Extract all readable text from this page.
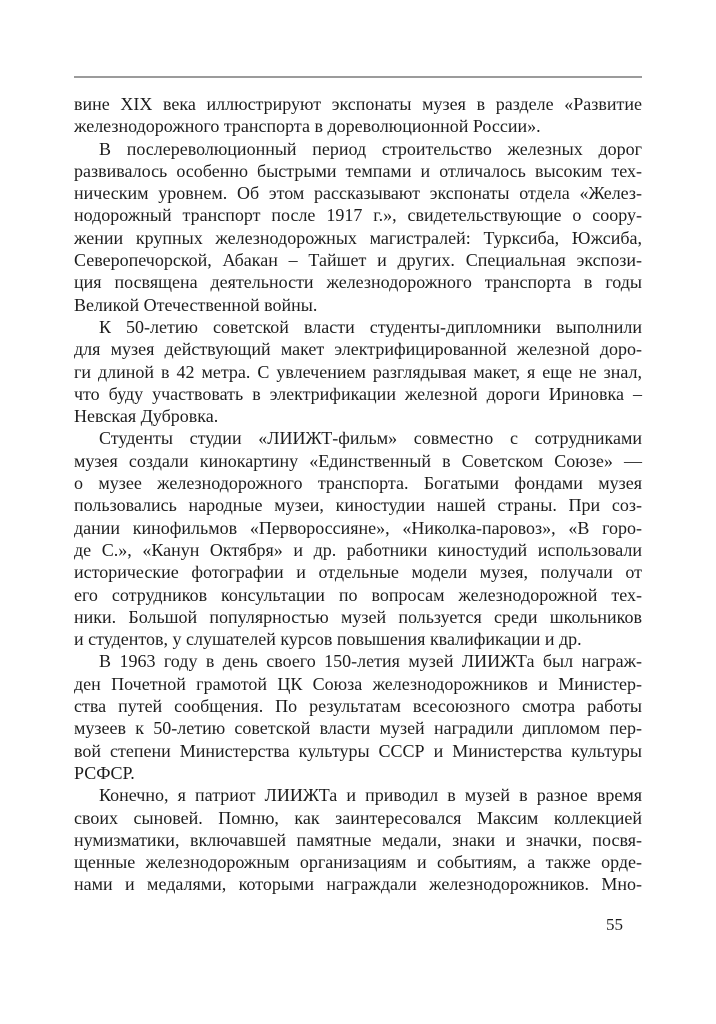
вине XIX века иллюстрируют экспонаты музея в разделе «Развитие
железнодорожного транспорта в дореволюционной России».

В послереволюционный период строительство железных дорог
развивалось особенно быстрыми темпами и отличалось высоким тех-
ническим уровнем. Об этом рассказывают экспонаты отдела «Желез-
нодорожный транспорт после 1917 г.», свидетельствующие о соору-
жении крупных железнодорожных магистралей: Турксиба, Южсиба,
Северопечорской, Абакан – Тайшет и других. Специальная экспози-
ция посвящена деятельности железнодорожного транспорта в годы
Великой Отечественной войны.

К 50-летию советской власти студенты-дипломники выполнили
для музея действующий макет электрифицированной железной доро-
ги длиной в 42 метра. С увлечением разглядывая макет, я еще не знал,
что буду участвовать в электрификации железной дороги Ириновка –
Невская Дубровка.

Студенты студии «ЛИИЖТ-фильм» совместно с сотрудниками
музея создали кинокартину «Единственный в Советском Союзе» —
о музее железнодорожного транспорта. Богатыми фондами музея
пользовались народные музеи, киностудии нашей страны. При соз-
дании кинофильмов «Первороссияне», «Николка-паровоз», «В горо-
де С.», «Канун Октября» и др. работники киностудий использовали
исторические фотографии и отдельные модели музея, получали от
его сотрудников консультации по вопросам железнодорожной тех-
ники. Большой популярностью музей пользуется среди школьников
и студентов, у слушателей курсов повышения квалификации и др.

В 1963 году в день своего 150-летия музей ЛИИЖТа был награж-
ден Почетной грамотой ЦК Союза железнодорожников и Министер-
ства путей сообщения. По результатам всесоюзного смотра работы
музеев к 50-летию советской власти музей наградили дипломом пер-
вой степени Министерства культуры СССР и Министерства культуры
РСФСР.

Конечно, я патриот ЛИИЖТа и приводил в музей в разное время
своих сыновей. Помню, как заинтересовался Максим коллекцией
нумизматики, включавшей памятные медали, знаки и значки, посвя-
щенные железнодорожным организациям и событиям, а также орде-
нами и медалями, которыми награждали железнодорожников. Мно-

55
